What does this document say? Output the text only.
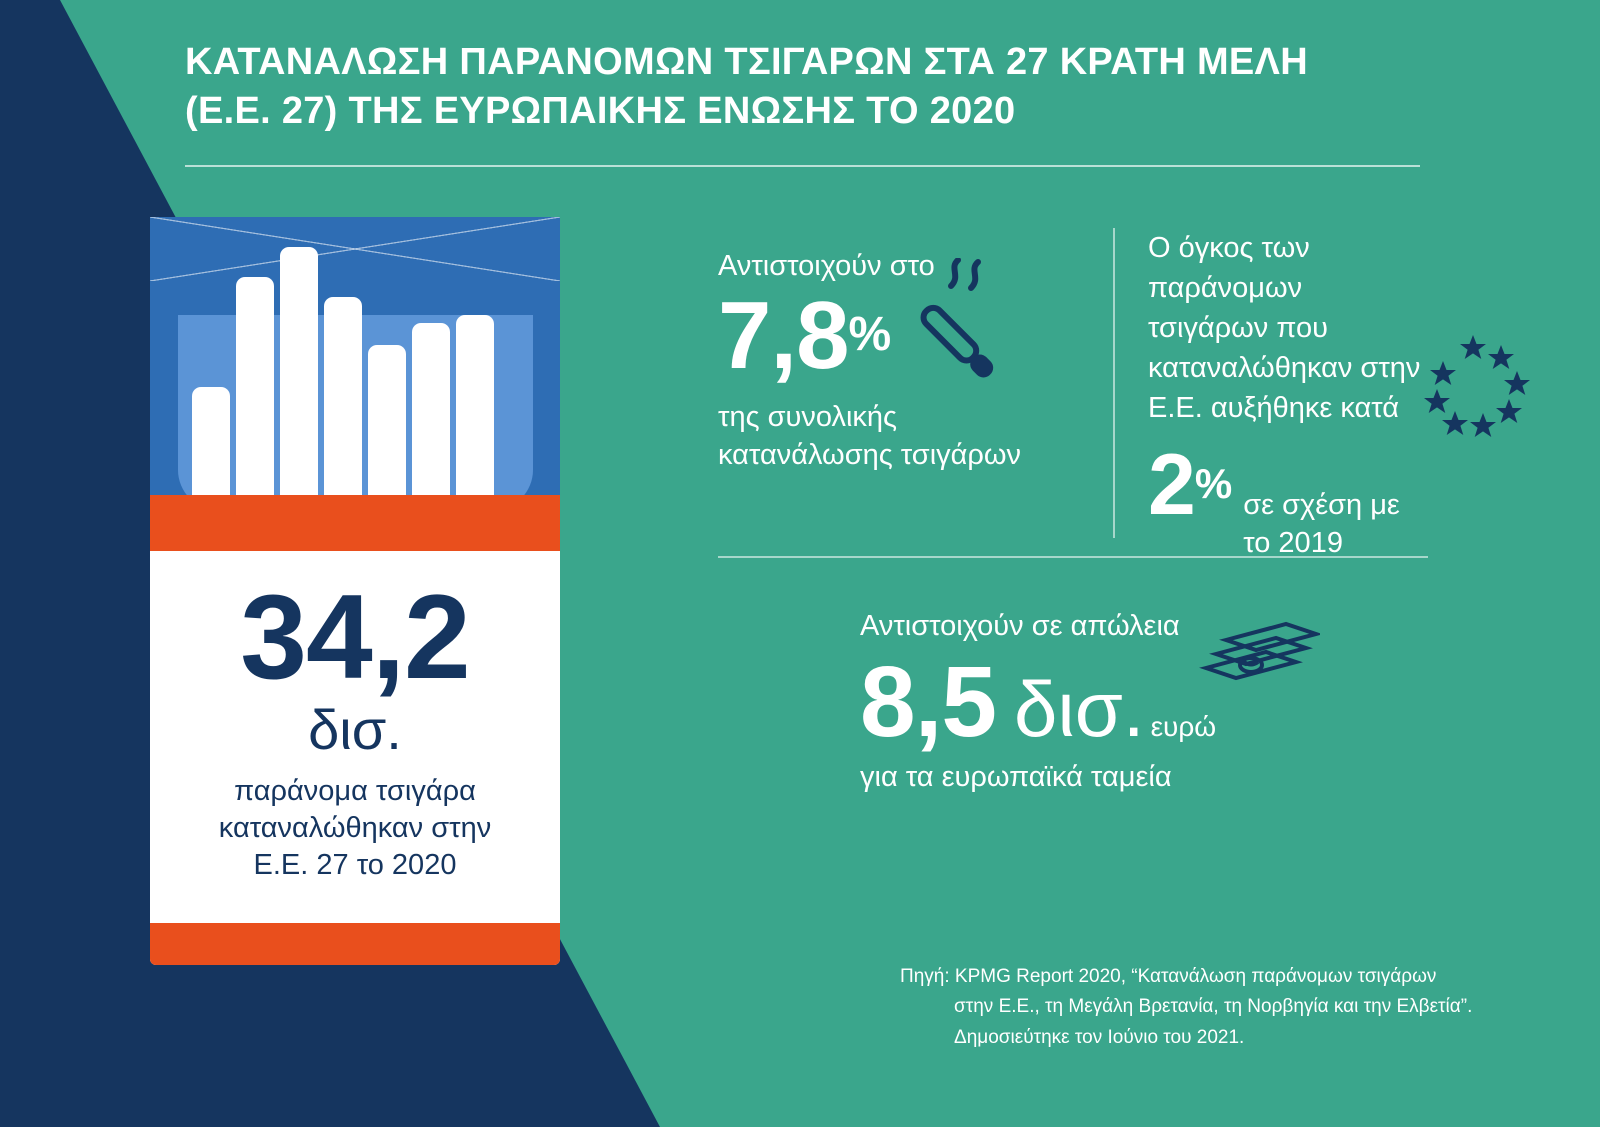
ΚΑΤΑΝΑΛΩΣΗ ΠΑΡΑΝΟΜΩΝ ΤΣΙΓΑΡΩΝ ΣΤΑ 27 ΚΡΑΤΗ ΜΕΛΗ
(Ε.Ε. 27) ΤΗΣ ΕΥΡΩΠΑΙΚΗΣ ΕΝΩΣΗΣ ΤΟ 2020
34,2
δισ.
παράνομα τσιγάρα
καταναλώθηκαν στην
Ε.Ε. 27 το 2020
Αντιστοιχούν στο
7,8%
της συνολικής
κατανάλωσης τσιγάρων
Ο όγκος των
παράνομων
τσιγάρων που
καταναλώθηκαν στην
Ε.Ε. αυξήθηκε κατά
2% σε σχέση με
το 2019
Αντιστοιχούν σε απώλεια
8,5 δισ. ευρώ
για τα ευρωπαϊκά ταμεία
Πηγή: KPMG Report 2020, “Κατανάλωση παράνομων τσιγάρων
στην Ε.Ε., τη Μεγάλη Βρετανία, τη Νορβηγία και την Ελβετία”.
Δημοσιεύτηκε τον Ιούνιο του 2021.
